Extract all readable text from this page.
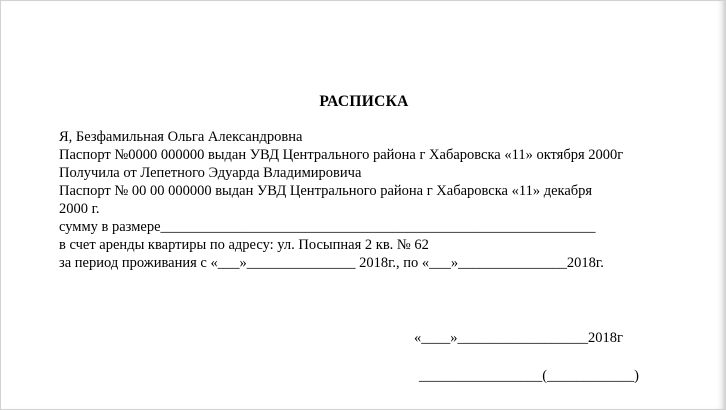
РАСПИСКА
Я, Безфамильная Ольга Александровна
Паспорт №0000 000000 выдан УВД Центрального района г Хабаровска «11» октября 2000г
Получила от Лепетного Эдуарда Владимировича
Паспорт № 00 00 000000 выдан УВД Центрального района г Хабаровска «11» декабря
2000 г.
сумму в размере____________________________________________________________
в счет аренды квартиры по адресу: ул. Посыпная 2 кв. № 62
за период проживания с «___»_______________ 2018г., по «___»_______________2018г.
«____»__________________2018г
_________________(____________)
